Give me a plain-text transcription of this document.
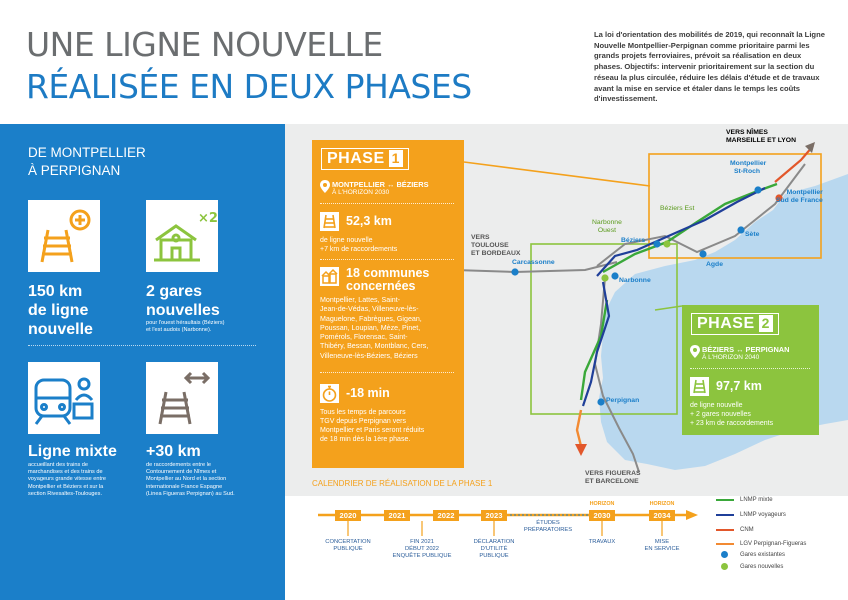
UNE LIGNE NOUVELLE
RÉALISÉE EN DEUX PHASES
La loi d'orientation des mobilités de 2019, qui reconnaît la Ligne Nouvelle Montpellier-Perpignan comme prioritaire parmi les grands projets ferroviaires, prévoit sa réalisation en deux phases. Objectifs: intervenir prioritairement sur la section du réseau la plus circulée, réduire les délais d'étude et de travaux avant la mise en service et étaler dans le temps les coûts d'investissement.
DE MONTPELLIER
À PERPIGNAN
150 km
de ligne
nouvelle
×2
2 gares
nouvelles
pour l'ouest héraultais (Béziers)
et l'est audois (Narbonne).
Ligne mixte
accueillant des trains de
marchandises et des trains de
voyageurs grande vitesse entre
Montpellier et Béziers et sur la
section Rivesaltes-Toulouges.
+30 km
de raccordements entre le
Contournement de Nîmes et
Montpellier au Nord et la section
internationale France Espagne
(Linea Figueras Perpignan) au Sud.
VERS NÎMES
MARSEILLE ET LYON
Montpellier
St-Roch
Montpellier
Sud de France
Sète
Agde
Béziers
Béziers Est
Narbonne
Ouest
Narbonne
VERS
TOULOUSE
ET BORDEAUX
Carcassonne
Perpignan
VERS FIGUERAS
ET BARCELONE
PHASE 1
MONTPELLIER ↔ BÉZIERS
À L'HORIZON 2030
52,3 km
de ligne nouvelle
+7 km de raccordements
18 communes
concernées
Montpellier, Lattes, Saint-
Jean-de-Védas, Villeneuve-lès-
Maguelone, Fabrègues, Gigean,
Poussan, Loupian, Mèze, Pinet,
Pomérols, Florensac, Saint-
Thibéry, Bessan, Montblanc, Cers,
Villeneuve-lès-Béziers, Béziers
-18 min
Tous les temps de parcours
TGV depuis Perpignan vers
Montpellier et Paris seront réduits
de 18 min dès la 1ère phase.
PHASE 2
BÉZIERS ↔ PERPIGNAN
À L'HORIZON 2040
97,7 km
de ligne nouvelle
+ 2 gares nouvelles
+ 23 km de raccordements
CALENDRIER DE RÉALISATION DE LA PHASE 1
2020	2021	2022	2023	2030	2034
HORIZON	HORIZON
ÉTUDES
PRÉPARATOIRES
CONCERTATION
PUBLIQUE
FIN 2021
DÉBUT 2022
ENQUÊTE PUBLIQUE
DÉCLARATION
D'UTILITÉ
PUBLIQUE
TRAVAUX	MISE
EN SERVICE
LNMP mixte
LNMP voyageurs
CNM
LGV Perpignan-Figueras
Gares existantes
Gares nouvelles
